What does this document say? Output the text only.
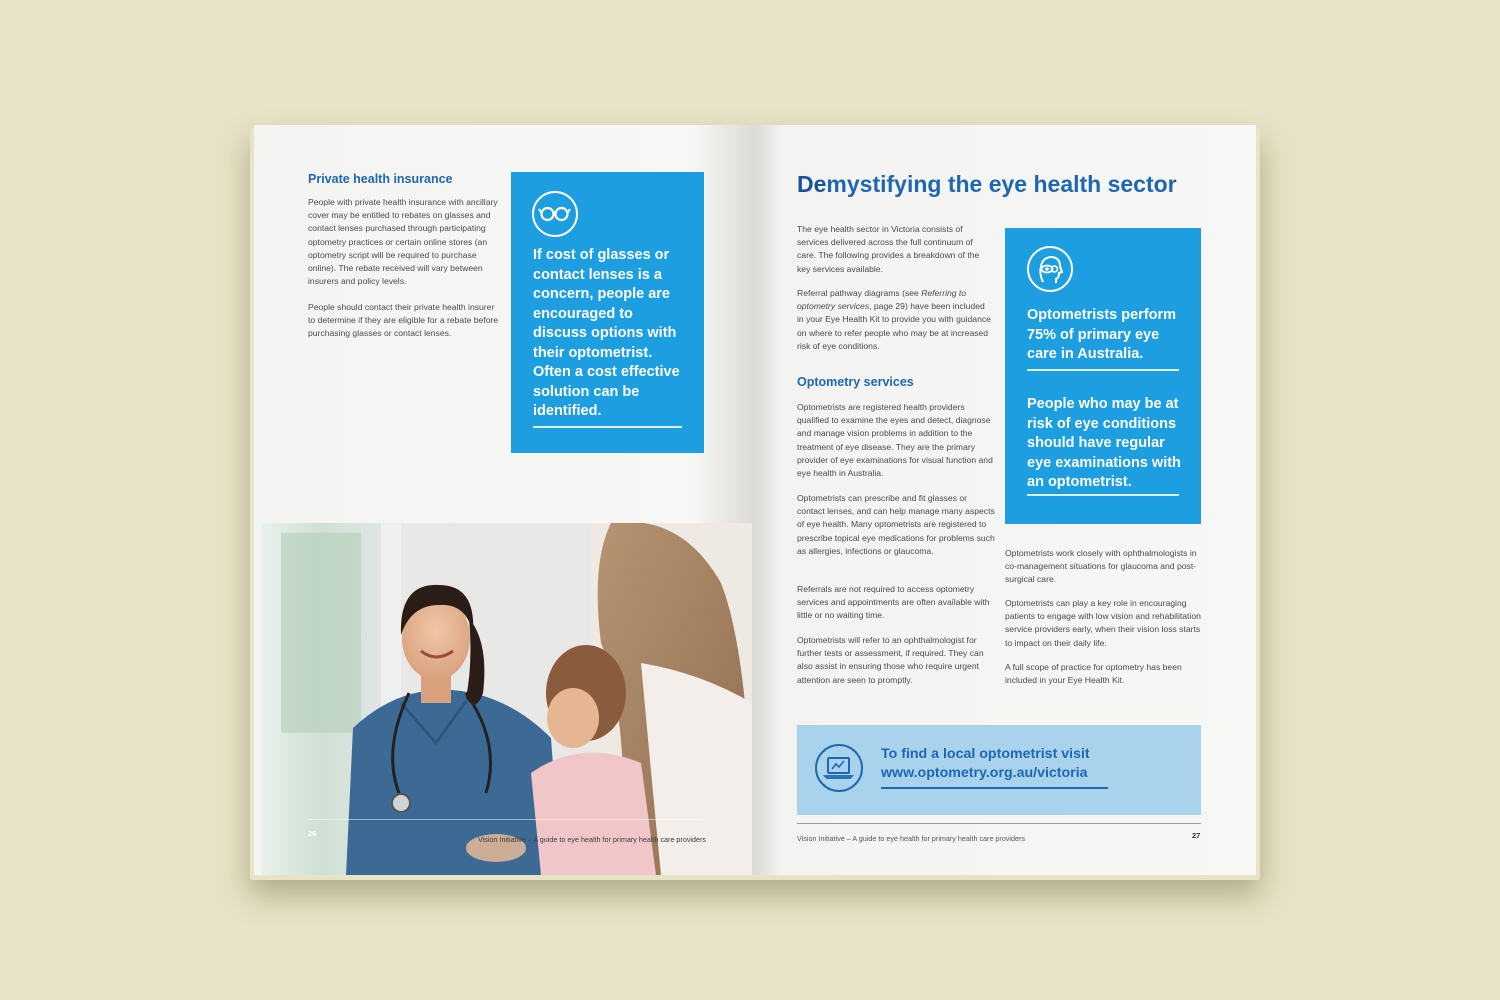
Private health insurance
People with private health insurance with ancillary cover may be entitled to rebates on glasses and contact lenses purchased through participating optometry practices or certain online stores (an optometry script will be required to purchase online). The rebate received will vary between insurers and policy levels.
People should contact their private health insurer to determine if they are eligible for a rebate before purchasing glasses or contact lenses.
If cost of glasses or contact lenses is a concern, people are encouraged to discuss options with their optometrist. Often a cost effective solution can be identified.
26
Vision Initiative – A guide to eye health for primary health care providers
Demystifying the eye health sector
The eye health sector in Victoria consists of services delivered across the full continuum of care. The following provides a breakdown of the key services available.
Referral pathway diagrams (see Referring to optometry services, page 29) have been included in your Eye Health Kit to provide you with guidance on where to refer people who may be at increased risk of eye conditions.
Optometry services
Optometrists are registered health providers qualified to examine the eyes and detect, diagnose and manage vision problems in addition to the treatment of eye disease. They are the primary provider of eye examinations for visual function and eye health in Australia.
Optometrists can prescribe and fit glasses or contact lenses, and can help manage many aspects of eye health. Many optometrists are registered to prescribe topical eye medications for problems such as allergies, infections or glaucoma.
Referrals are not required to access optometry services and appointments are often available with little or no waiting time.
Optometrists will refer to an ophthalmologist for further tests or assessment, if required. They can also assist in ensuring those who require urgent attention are seen to promptly.
Optometrists perform 75% of primary eye care in Australia.
People who may be at risk of eye conditions should have regular eye examinations with an optometrist.
Optometrists work closely with ophthalmologists in co-management situations for glaucoma and post-surgical care.
Optometrists can play a key role in encouraging patients to engage with low vision and rehabilitation service providers early, when their vision loss starts to impact on their daily life.
A full scope of practice for optometry has been included in your Eye Health Kit.
To find a local optometrist visit
www.optometry.org.au/victoria
Vision Initiative – A guide to eye health for primary health care providers	27
